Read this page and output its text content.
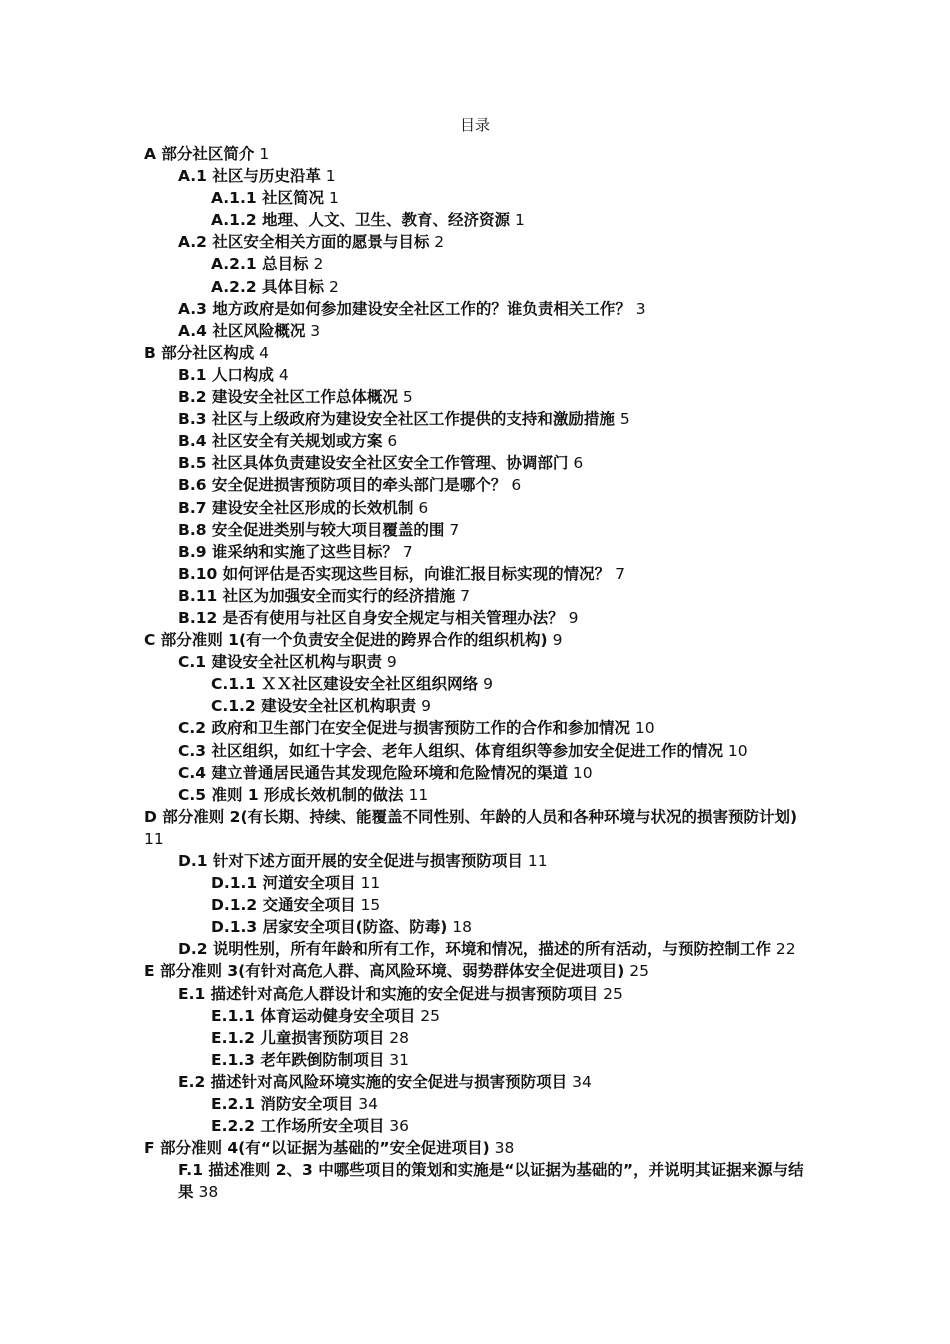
目录
A 部分社区简介 1
A.1 社区与历史沿革 1
A.1.1 社区简况 1
A.1.2 地理、人文、卫生、教育、经济资源 1
A.2 社区安全相关方面的愿景与目标 2
A.2.1 总目标 2
A.2.2 具体目标 2
A.3 地方政府是如何参加建设安全社区工作的？谁负责相关工作？ 3
A.4 社区风险概况 3
B 部分社区构成 4
B.1 人口构成 4
B.2 建设安全社区工作总体概况 5
B.3 社区与上级政府为建设安全社区工作提供的支持和激励措施 5
B.4 社区安全有关规划或方案 6
B.5 社区具体负责建设安全社区安全工作管理、协调部门 6
B.6 安全促进损害预防项目的牵头部门是哪个？ 6
B.7 建设安全社区形成的长效机制 6
B.8 安全促进类别与较大项目覆盖的围 7
B.9 谁采纳和实施了这些目标？ 7
B.10 如何评估是否实现这些目标，向谁汇报目标实现的情况？ 7
B.11 社区为加强安全而实行的经济措施 7
B.12 是否有使用与社区自身安全规定与相关管理办法？ 9
C 部分准则 1(有一个负责安全促进的跨界合作的组织机构) 9
C.1 建设安全社区机构与职责 9
C.1.1 ＸＸ社区建设安全社区组织网络 9
C.1.2 建设安全社区机构职责 9
C.2 政府和卫生部门在安全促进与损害预防工作的合作和参加情况 10
C.3 社区组织，如红十字会、老年人组织、体育组织等参加安全促进工作的情况 10
C.4 建立普通居民通告其发现危险环境和危险情况的渠道 10
C.5 准则 1 形成长效机制的做法 11
D 部分准则 2(有长期、持续、能覆盖不同性别、年龄的人员和各种环境与状况的损害预防计划) 11
D.1 针对下述方面开展的安全促进与损害预防项目 11
D.1.1 河道安全项目 11
D.1.2 交通安全项目 15
D.1.3 居家安全项目(防盗、防毒) 18
D.2 说明性别，所有年龄和所有工作，环境和情况，描述的所有活动，与预防控制工作 22
E 部分准则 3(有针对高危人群、高风险环境、弱势群体安全促进项目) 25
E.1 描述针对高危人群设计和实施的安全促进与损害预防项目 25
E.1.1 体育运动健身安全项目 25
E.1.2 儿童损害预防项目 28
E.1.3 老年跌倒防制项目 31
E.2 描述针对高风险环境实施的安全促进与损害预防项目 34
E.2.1 消防安全项目 34
E.2.2 工作场所安全项目 36
F 部分准则 4(有“以证据为基础的”安全促进项目) 38
F.1 描述准则 2、3 中哪些项目的策划和实施是“以证据为基础的”，并说明其证据来源与结果 38
